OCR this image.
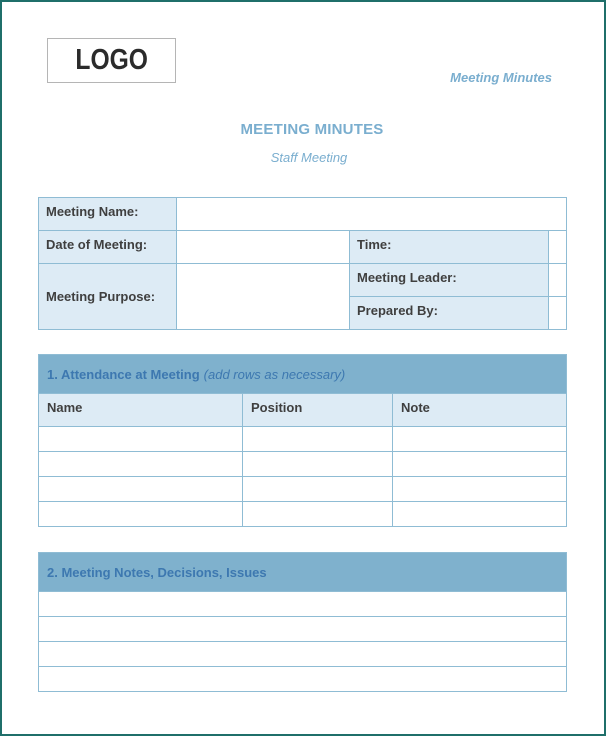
LOGO
Meeting Minutes
MEETING MINUTES
Staff Meeting
Meeting Name:
Date of Meeting:	Time:
Meeting Purpose:
Meeting Leader:
Prepared By:
1. Attendance at Meeting (add rows as necessary)
Name	Position	Note
2. Meeting Notes, Decisions, Issues
